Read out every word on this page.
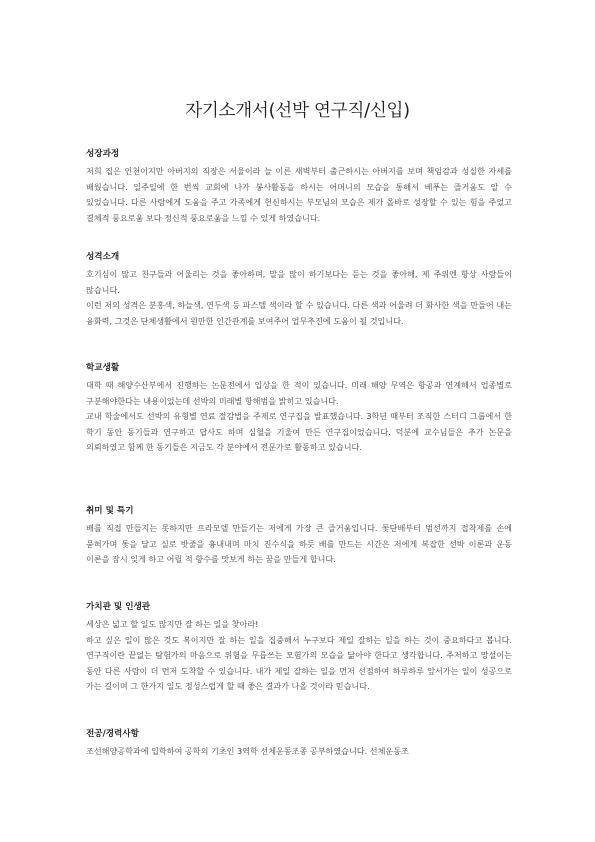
자기소개서(선박 연구직/신입)
성장과정

저희 집은 인천이지만 아버지의 직장은 서울이라 늘 이른 새벽부터 출근하시는 아버지를 보며 책임감과 성실한 자세를 배웠습니다. 일주일에 한 번씩 교회에 나가 봉사활동을 하시는 어머니의 모습을 통해서 베푸는 즐거움도 알 수 있었습니다. 다른 사람에게 도움을 주고 가족에게 헌신하시는 부모님의 모습은 제가 올바로 성장할 수 있는 힘을 주었고 결체적 풍요로움 보다 정신적 풍요로움을 느낄 수 있게 하였습니다.

성격소개

호기심이 많고 친구들과 어울리는 것을 좋아하며, 말을 많이 하기보다는 듣는 것을 좋아해, 제 주위엔 항상 사람들이 많습니다.

이런 저의 성격은 분홍색, 하늘색, 연두색 등 파스텔 색이라 할 수 있습니다. 다른 색과 어울려 더 화사한 색을 만들어 내는 융화력, 그것은 단체생활에서 원만한 인간관계를 보여주어 업무추진에 도움이 될 것입니다.

학교생활

대학 때 해양수산부에서 진행하는 논문전에서 입상을 한 적이 있습니다. 미래 해양 무역은 항공과 연계해서 업종별로 구분해야한다는 내용이었는데 선박의 미래별 항해범을 밝히고 있습니다.

교내 학술에서도 선박의 유형별 연료 절감법을 주제로 연구집을 발표했습니다. 3학년 때부터 조직한 스터디 그룹에서 한 학기 동안 동기들과 연구하고 답사도 하며 심혈을 기울여 만든 연구집이었습니다. 덕분에 교수님들은 추가 논문을 의뢰하였고 함께 한 동기들은 지금도 각 분야에서 전문가로 활동하고 있습니다.

취미 및 특기

배를 직접 만들지는 못하지만 프라모델 만들기는 저에게 가장 큰 즐거움입니다. 돛단배부터 범선까지 접착제를 손에 묻혀가며 돛을 달고 실로 밧줄을 흉내내며 마치 진수식을 하듯 배를 만드는 시간은 저에게 복잡한 선박 이론과 운동 이론을 잠시 잊게 하고 어릴 적 항수를 맛보게 하는 꿈을 만들게 합니다.

가치관 및 인생관

세상은 넓고 할 일도 많지만 잘 하는 일을 찾아라!

하고 싶은 일이 많은 것도 복이지만 잘 하는 일을 집중해서 누구보다 제일 잘하는 일을 하는 것이 중요하다고 봅니다. 연구직이란 끝없는 탐험가의 마음으로 위험을 무릅쓰는 모험가의 모습을 닮아야 한다고 생각합니다. 주저하고 망설이는 동안 다른 사람이 더 먼저 도착할 수 있습니다. 내가 제일 잘하는 일을 먼저 선점하여 하루하루 앞서가는 일이 성공으로 가는 길이며 그 한가지 일도 정성스럽게 할 때 좋은 결과가 나올 것이라 믿습니다.

전공/경력사항

조선해양공학과에 입학하여 공학의 기초인 3역학 선체운동조종 공부하였습니다. 선체운동조
